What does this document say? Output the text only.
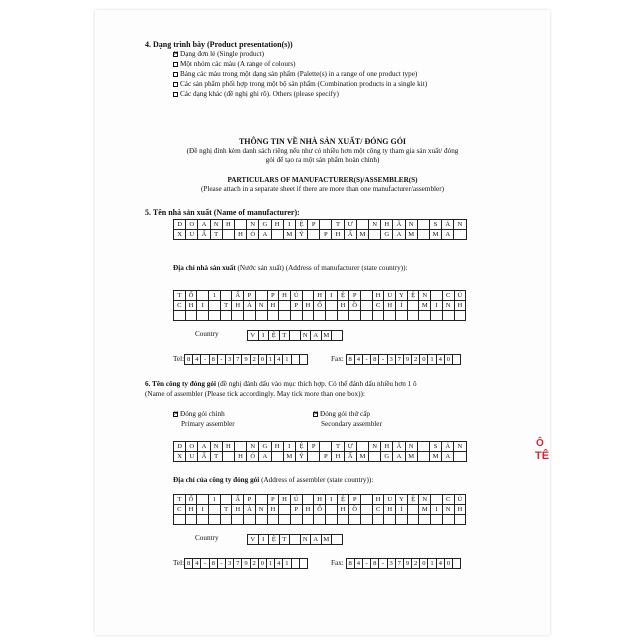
4. Dạng trình bày (Product presentation(s))
×Dạng đơn lẻ (Single product)
Một nhóm các màu (A range of colours)
Bảng các màu trong một dạng sản phẩm (Palette(s) in a range of one product type)
Các sản phẩm phối hợp trong một bộ sản phẩm (Combination products in a single kit)
Các dạng khác (đề nghị ghi rõ). Others (please specify)
THÔNG TIN VỀ NHÀ SẢN XUẤT/ ĐÓNG GÓI
(Đề nghị đính kèm danh sách riêng nếu như có nhiều hơn một công ty tham gia sản xuất/ đóng
gói để tạo ra một sản phẩm hoàn chỉnh)
PARTICULARS OF MANUFACTURER(S)/ASSEMBLER(S)
(Please attach in a separate sheet if there are more than one manufacturer/assembler)
5. Tên nhà sản xuất (Name of manufacturer):
D	O	A	N	H	N	G	H	I	Ệ	P	T	Ư	N	H	Â	N	S	Ả	N
X	U	Ấ	T	H	Ó	A	M	Ỹ	P	H	Ẩ	M	G	A	M	M	A
Địa chỉ nhà sản xuất (Nước sản xuất) (Address of manufacturer (state country)):
T	Ổ	1	Ấ	P	P	H	Ú	H	I	Ệ	P	H	U	Y	Ệ	N	C	Ủ
C	H	I	T	H	À	N	H	P	H	Ố	H	Ồ	C	H	Í	M	I	N	H
Country	V	I	Ệ T	N A M
Tel: 8 4 - 8 - 3 7 9 2 0 1 4 1	Fax: 8 4 - 8 - 3 7 9 2 0 1 4 0
6. Tên công ty đóng gói (đề nghị đánh dấu vào mục thích hợp. Có thể đánh dấu nhiều hơn 1 ô
(Name of assembler (Please tick accordingly. May tick more than one box)):
×Đóng gói chính
Primary assembler
×Đóng gói thứ cấp
Secondary assembler
D	O	A	N	H	N	G	H	I	Ệ	P	T	Ư	N	H	Â	N	S	Ả	N
X	U	Ấ	T	H	Ó	A	M	Ỹ	P	H	Ẩ	M	G	A	M	M	A
Địa chỉ của công ty đóng gói (Address of assembler (state country)):
T	Ổ	1	Ấ	P	P	H	Ú	H	I	Ệ	P	H	U	Y	Ệ	N	C	Ủ
C	H	I	T	H	À	N	H	P	H	Ố	H	Ồ	C	H	Í	M	I	N	H
Country	V	I	Ệ T	N A M
Tel: 8 4 - 8 - 3 7 9 2 0 1 4 1	Fax: 8 4 - 8 - 3 7 9 2 0 1 4 0
Ô
TÊ
